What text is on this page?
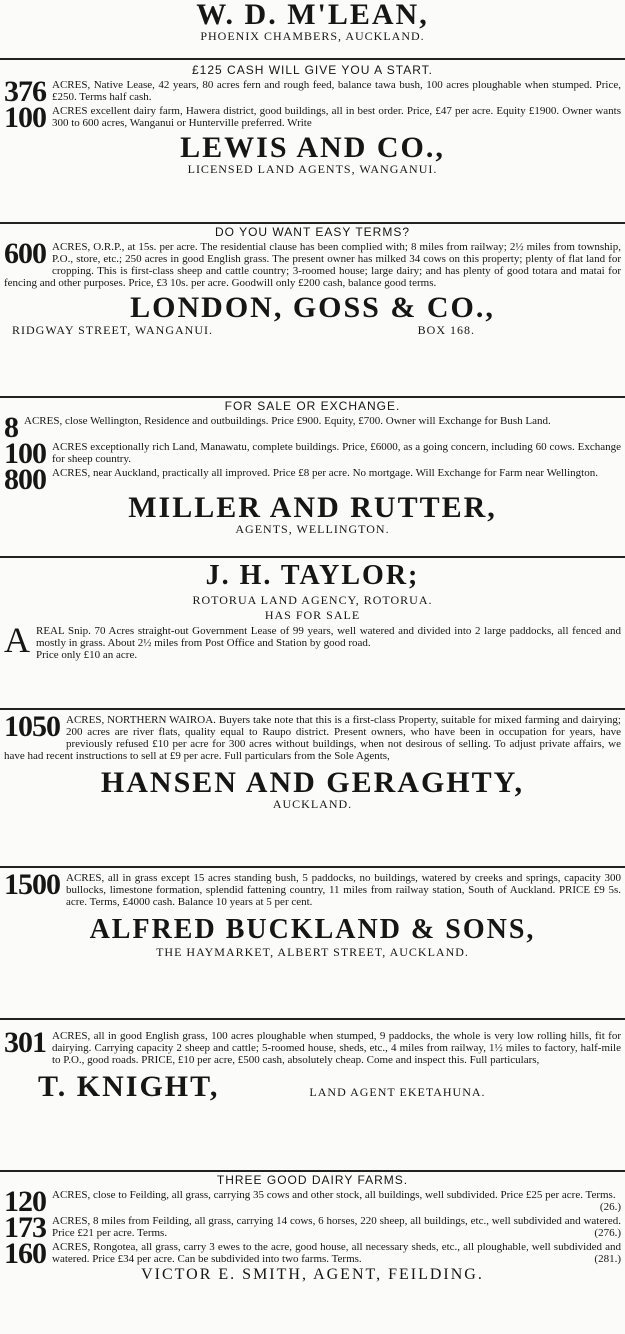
W. D. M'LEAN,
PHOENIX CHAMBERS, AUCKLAND.
£125 CASH WILL GIVE YOU A START.
376 ACRES, Native Lease, 42 years, 80 acres fern and rough feed, balance tawa bush, 100 acres ploughable when stumped. Price, £250. Terms half cash.
100 ACRES excellent dairy farm, Hawera district, good buildings, all in best order. Price, £47 per acre. Equity £1900. Owner wants 300 to 600 acres, Wanganui or Hunterville preferred. Write
LEWIS AND CO.,
LICENSED LAND AGENTS, WANGANUI.
DO YOU WANT EASY TERMS?
600 ACRES, O.R.P., at 15s. per acre. The residential clause has been complied with; 8 miles from railway; 2½ miles from township, P.O., store, etc.; 250 acres in good English grass. The present owner has milked 34 cows on this property; plenty of flat land for cropping. This is first-class sheep and cattle country; 3-roomed house; large dairy; and has plenty of good totara and matai for fencing and other purposes. Price, £3 10s. per acre. Goodwill only £200 cash, balance good terms.
LONDON, GOSS & CO.,
RIDGWAY STREET, WANGANUI.	BOX 168.
FOR SALE OR EXCHANGE.
8 ACRES, close Wellington, Residence and outbuildings. Price £900. Equity, £700. Owner will Exchange for Bush Land.
100 ACRES exceptionally rich Land, Manawatu, complete buildings. Price, £6000, as a going concern, including 60 cows. Exchange for sheep country.
800 ACRES, near Auckland, practically all improved. Price £8 per acre. No mortgage. Will Exchange for Farm near Wellington.
MILLER AND RUTTER,
AGENTS, WELLINGTON.
J. H. TAYLOR;
ROTORUA LAND AGENCY, ROTORUA.
HAS FOR SALE
A REAL Snip. 70 Acres straight-out Government Lease of 99 years, well watered and divided into 2 large paddocks, all fenced and mostly in grass. About 2½ miles from Post Office and Station by good road.
Price only £10 an acre.
1050 ACRES, NORTHERN WAIROA. Buyers take note that this is a first-class Property, suitable for mixed farming and dairying; 200 acres are river flats, quality equal to Raupo district. Present owners, who have been in occupation for years, have previously refused £10 per acre for 300 acres without buildings, when not desirous of selling. To adjust private affairs, we have had recent instructions to sell at £9 per acre. Full particulars from the Sole Agents,
HANSEN AND GERAGHTY,
AUCKLAND.
1500 ACRES, all in grass except 15 acres standing bush, 5 paddocks, no buildings, watered by creeks and springs, capacity 300 bullocks, limestone formation, splendid fattening country, 11 miles from railway station, South of Auckland. PRICE £9 5s. acre. Terms, £4000 cash. Balance 10 years at 5 per cent.
ALFRED BUCKLAND & SONS,
THE HAYMARKET, ALBERT STREET, AUCKLAND.
301 ACRES, all in good English grass, 100 acres ploughable when stumped, 9 paddocks, the whole is very low rolling hills, fit for dairying. Carrying capacity 2 sheep and cattle; 5-roomed house, sheds, etc., 4 miles from railway, 1½ miles to factory, half-mile to P.O., good roads. PRICE, £10 per acre, £500 cash, absolutely cheap. Come and inspect this. Full particulars,
T. KNIGHT,	LAND AGENT EKETAHUNA.
THREE GOOD DAIRY FARMS.
120 ACRES, close to Feilding, all grass, carrying 35 cows and other stock, all buildings, well subdivided. Price £25 per acre. Terms.
(26.)
173 ACRES, 8 miles from Feilding, all grass, carrying 14 cows, 6 horses, 220 sheep, all buildings, etc., well subdivided and watered. Price £21 per acre. Terms.	(276.)
160 ACRES, Rongotea, all grass, carry 3 ewes to the acre, good house, all necessary sheds, etc., all ploughable, well subdivided and watered. Price £34 per acre. Can be subdivided into two farms. Terms.	(281.)
VICTOR E. SMITH, AGENT, FEILDING.
